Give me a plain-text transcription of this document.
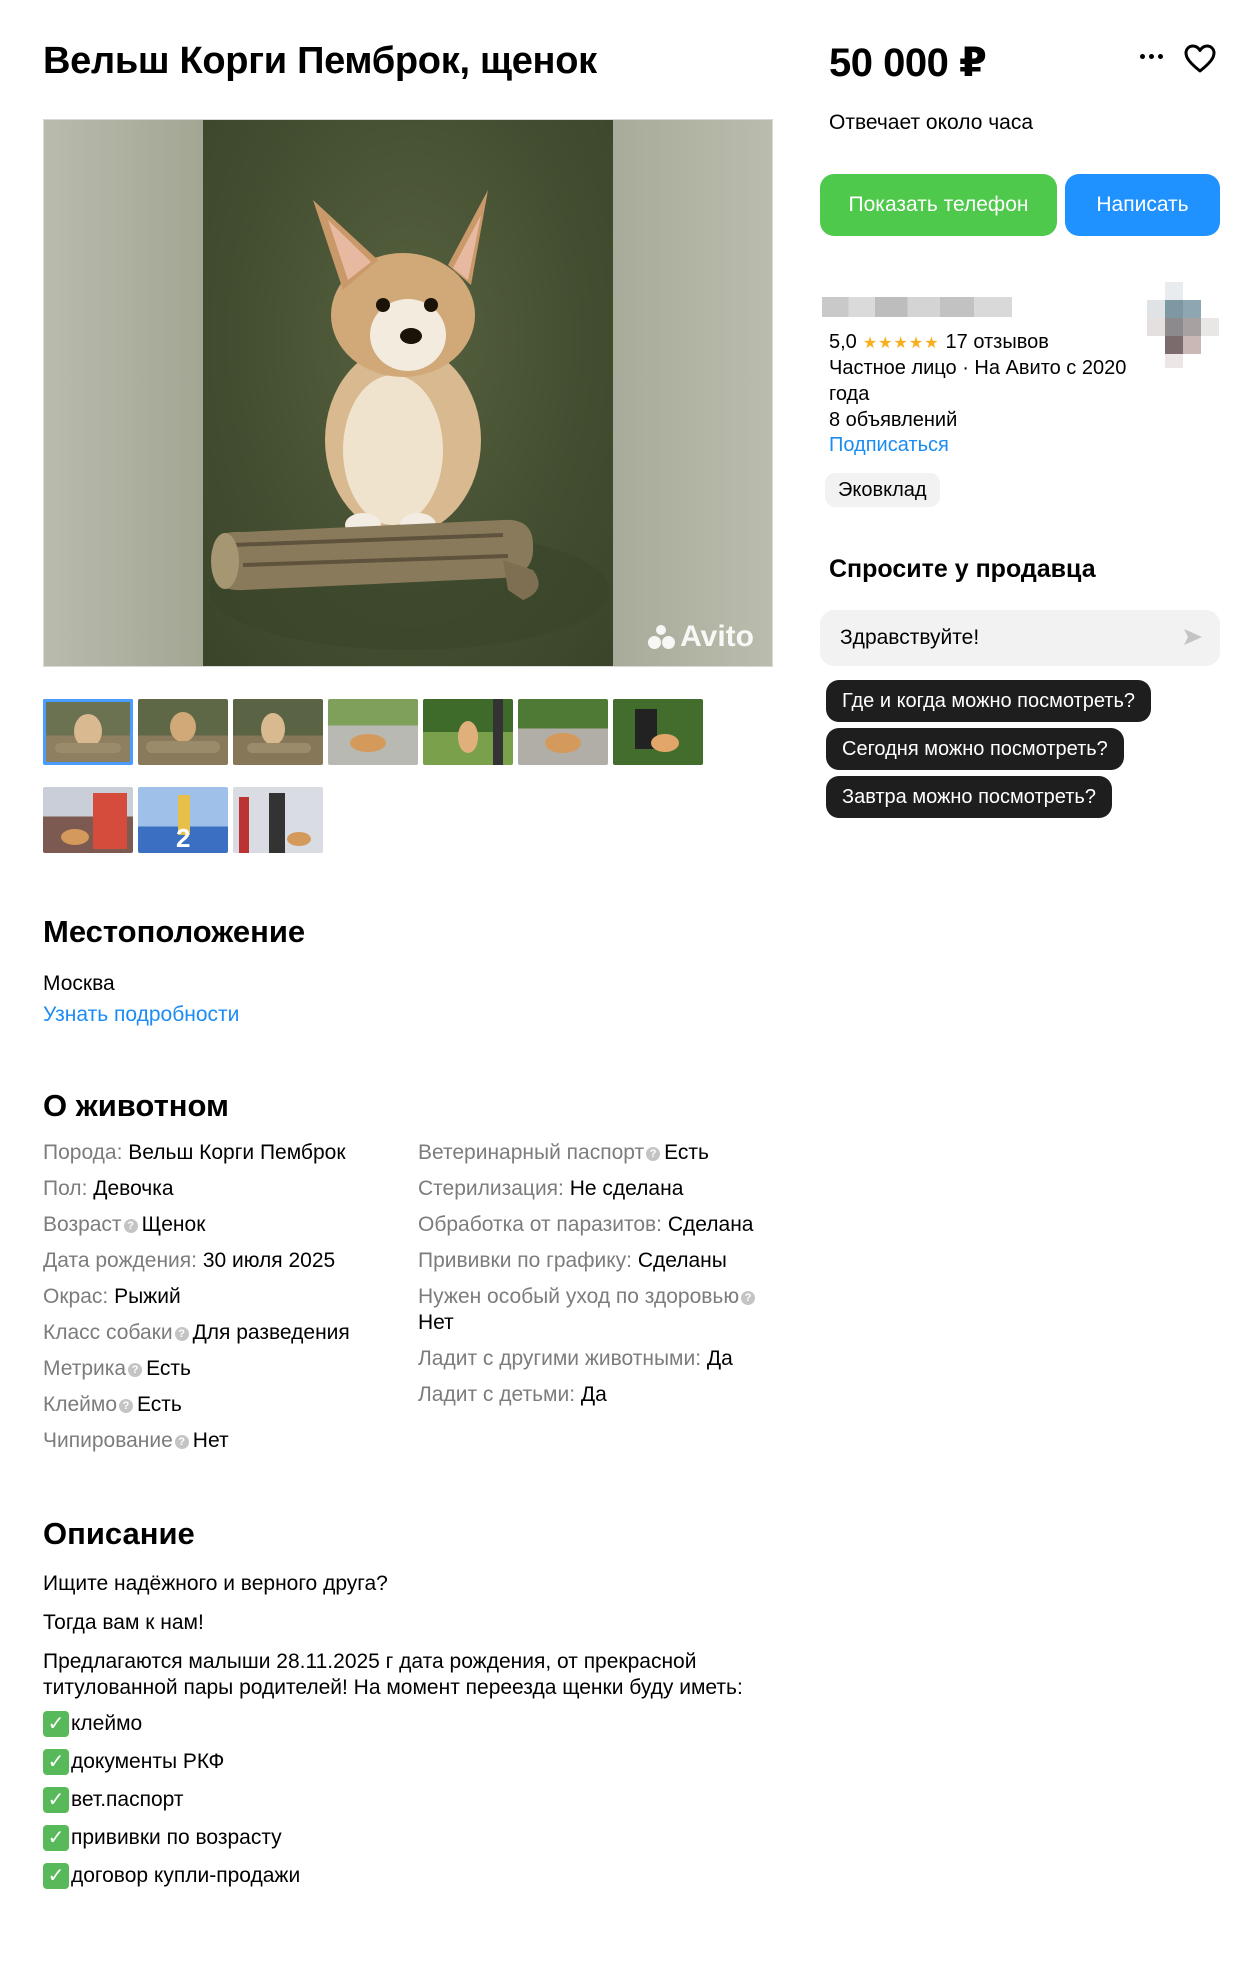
Вельш Корги Пемброк, щенок
Avito
2
Местоположение
Москва
Узнать подробности
О животном
Порода: Вельш Корги Пемброк
Пол: Девочка
Возраст ? Щенок
Дата рождения: 30 июля 2025
Окрас: Рыжий
Класс собаки ? Для разведения
Метрика ? Есть
Клеймо ? Есть
Чипирование ? Нет
Ветеринарный паспорт ? Есть
Стерилизация: Не сделана
Обработка от паразитов: Сделана
Прививки по графику: Сделаны
Нужен особый уход по здоровью ?Нет
Ладит с другими животными: Да
Ладит с детьми: Да
Описание

Ищите надёжного и верного друга?

Тогда вам к нам!

Предлагаются малыши 28.11.2025 г дата рождения, от прекрасной титулованной пары родителей! На момент переезда щенки буду иметь:

✓ клеймо
✓ документы РКФ
✓ вет.паспорт
✓ прививки по возрасту
✓ договор купли-продажи
50 000 ₽
Отвечает около часа
Показать телефон	Написать
5,0 ★★★★★ 17 отзывов
Частное лицо · На Авито с 2020 года
8 объявлений
Подписаться
Эковклад
Спросите у продавца
Здравствуйте!
Где и когда можно посмотреть?
Сегодня можно посмотреть?
Завтра можно посмотреть?
